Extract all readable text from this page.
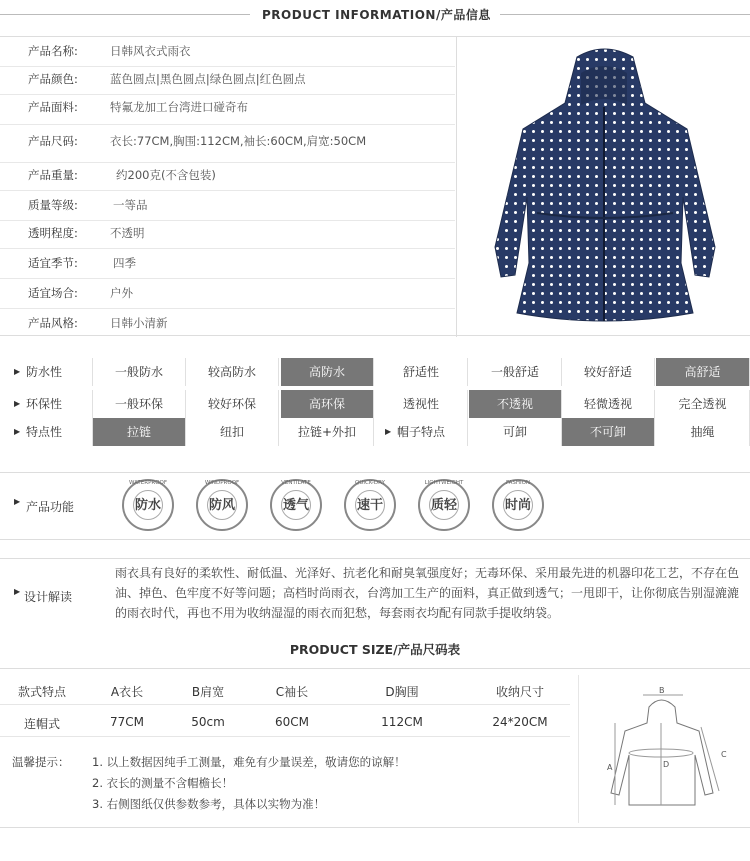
PRODUCT INFORMATION/产品信息
产品名称:	日韩风衣式雨衣
产品颜色:	蓝色圆点|黑色圆点|绿色圆点|红色圆点
产品面料:	特氟龙加工台湾进口碰奇布
产品尺码:	衣长:77CM,胸围:112CM,袖长:60CM,肩宽:50CM
产品重量:	约200克(不含包装)
质量等级:	一等品
透明程度:	不透明
适宜季节:	四季
适宜场合:	户外
产品风格:	日韩小清新
▶ 防水性	一般防水	较高防水	高防水	舒适性	一般舒适	较好舒适	高舒适
▶ 环保性	一般环保	较好环保	高环保	透视性	不透视	轻微透视	完全透视
▶ 特点性	拉链	纽扣	拉链+外扣	▶ 帽子特点	可卸	不可卸	抽绳
▶ 产品功能
WATERPROOF
防水
WINDPROOF
防风
VENTILATE
透气
QUICK-DRY
速干
LIGHTWEIGHT
质轻
FASHION
时尚
▶ 设计解读
雨衣具有良好的柔软性、耐低温、光泽好、抗老化和耐臭氧强度好；无毒环保、采用最先进的机器印花工艺，不存在色油、掉色、色牢度不好等问题；高档时尚雨衣，台湾加工生产的面料，真正做到透气；一甩即干，让你彻底告别湿漉漉的雨衣时代，再也不用为收纳湿湿的雨衣而犯愁，每套雨衣均配有同款手提收纳袋。
PRODUCT SIZE/产品尺码表
款式特点	A衣长	B肩宽	C袖长	D胸围	收纳尺寸
连帽式	77CM	50cm	60CM	112CM	24*20CM
温馨提示： 1. 以上数据因纯手工测量，难免有少量误差，敬请您的谅解！
2. 衣长的测量不含帽檐长！
3. 右侧图纸仅供参数参考，具体以实物为准！
B
C
A	D
